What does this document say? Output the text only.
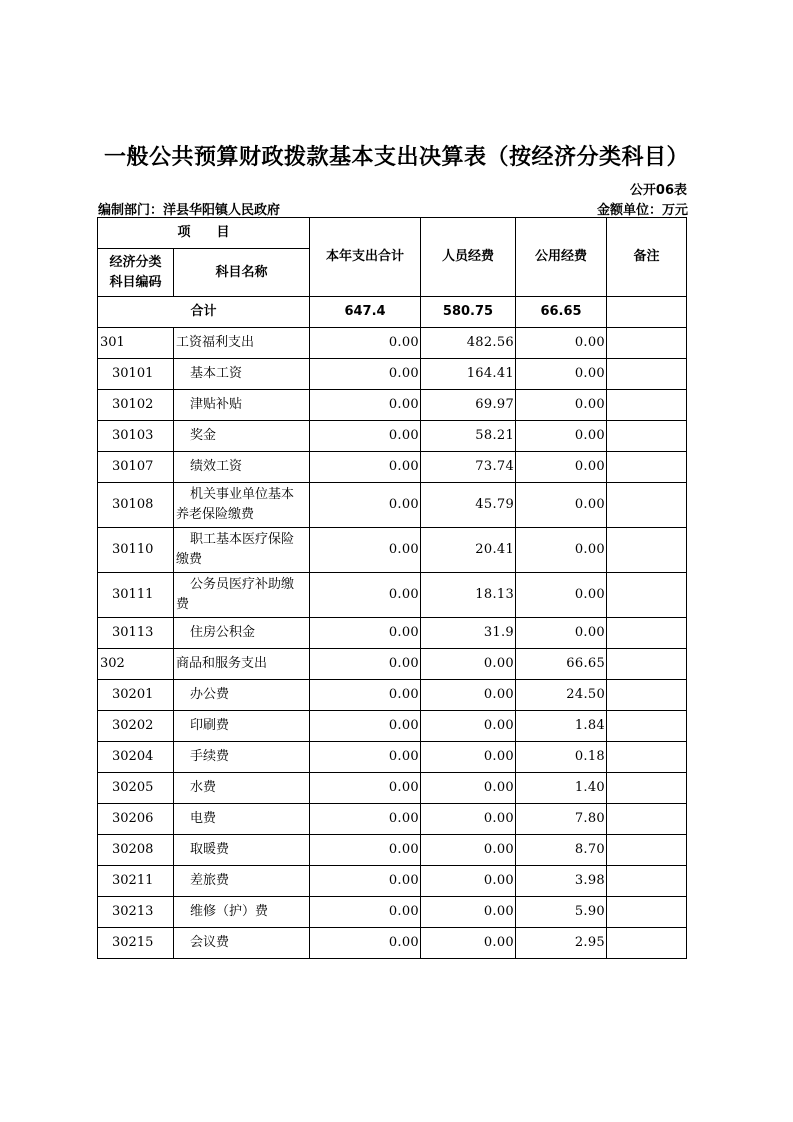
一般公共预算财政拨款基本支出决算表（按经济分类科目）
公开06表
编制部门：洋县华阳镇人民政府	金额单位：万元
项　　目		本年支出合计	人员经费	公用经费	备注

经济分类
科目编码	科目名称				
合计		647.4	580.75	66.65	
301	工资福利支出	0.00	482.56	0.00	
30101	基本工资	0.00	164.41	0.00	
30102	津贴补贴	0.00	69.97	0.00	
30103	奖金	0.00	58.21	0.00	
30107	绩效工资	0.00	73.74	0.00	
30108	机关事业单位基本养老保险缴费	0.00	45.79	0.00	
30110	职工基本医疗保险缴费	0.00	20.41	0.00	
30111	公务员医疗补助缴费	0.00	18.13	0.00	
30113	住房公积金	0.00	31.9	0.00	
302	商品和服务支出	0.00	0.00	66.65	
30201	办公费	0.00	0.00	24.50	
30202	印刷费	0.00	0.00	1.84	
30204	手续费	0.00	0.00	0.18	
30205	水费	0.00	0.00	1.40	
30206	电费	0.00	0.00	7.80	
30208	取暖费	0.00	0.00	8.70	
30211	差旅费	0.00	0.00	3.98	
30213	维修（护）费	0.00	0.00	5.90	
30215	会议费	0.00	0.00	2.95	
